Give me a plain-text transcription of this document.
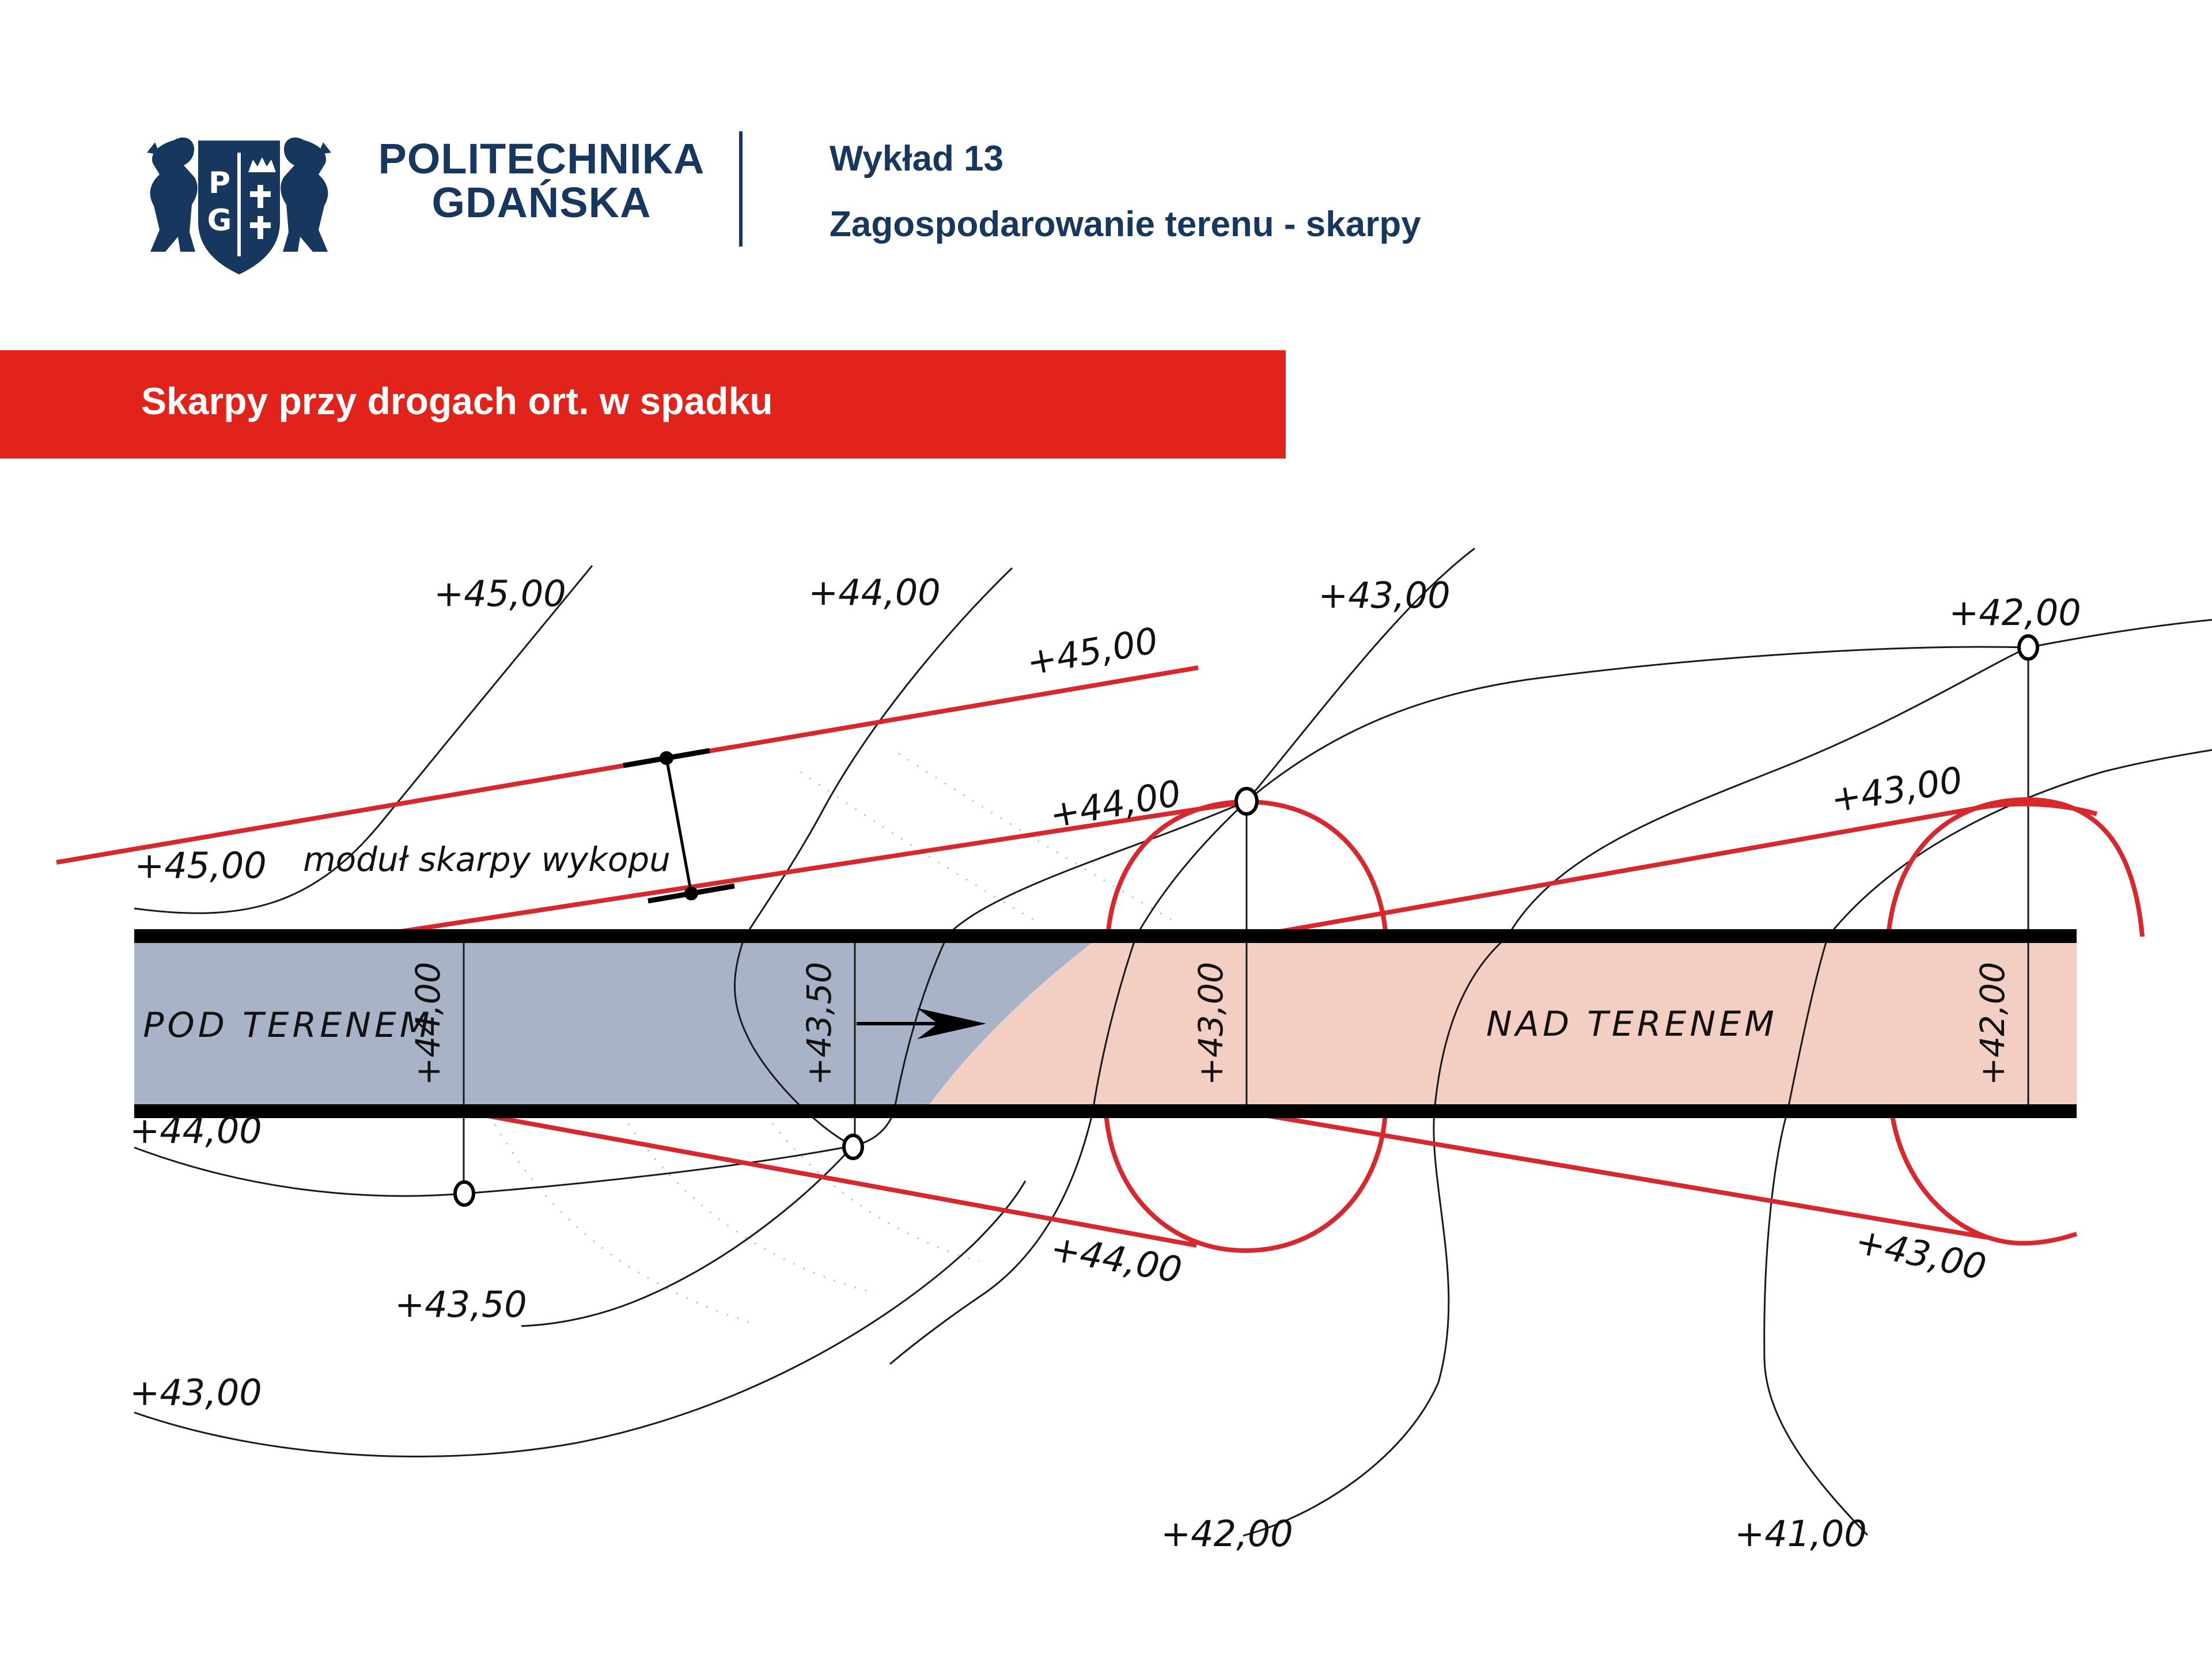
P
G
POLITECHNIKA
GDAŃSKA
Wykład 13
Zagospodarowanie terenu - skarpy
Skarpy przy drogach ort. w spadku
+45,00	+44,00	+43,00	+42,00
+45,00
+45,00
+44,00	+43,00
+44,00
+44,00
+43,50
+43,00
+43,00
+42,00	+41,00
moduł skarpy wykopu
POD TERENEM	NAD TERENEM
+44,00	+43,50	+43,00	+42,00
